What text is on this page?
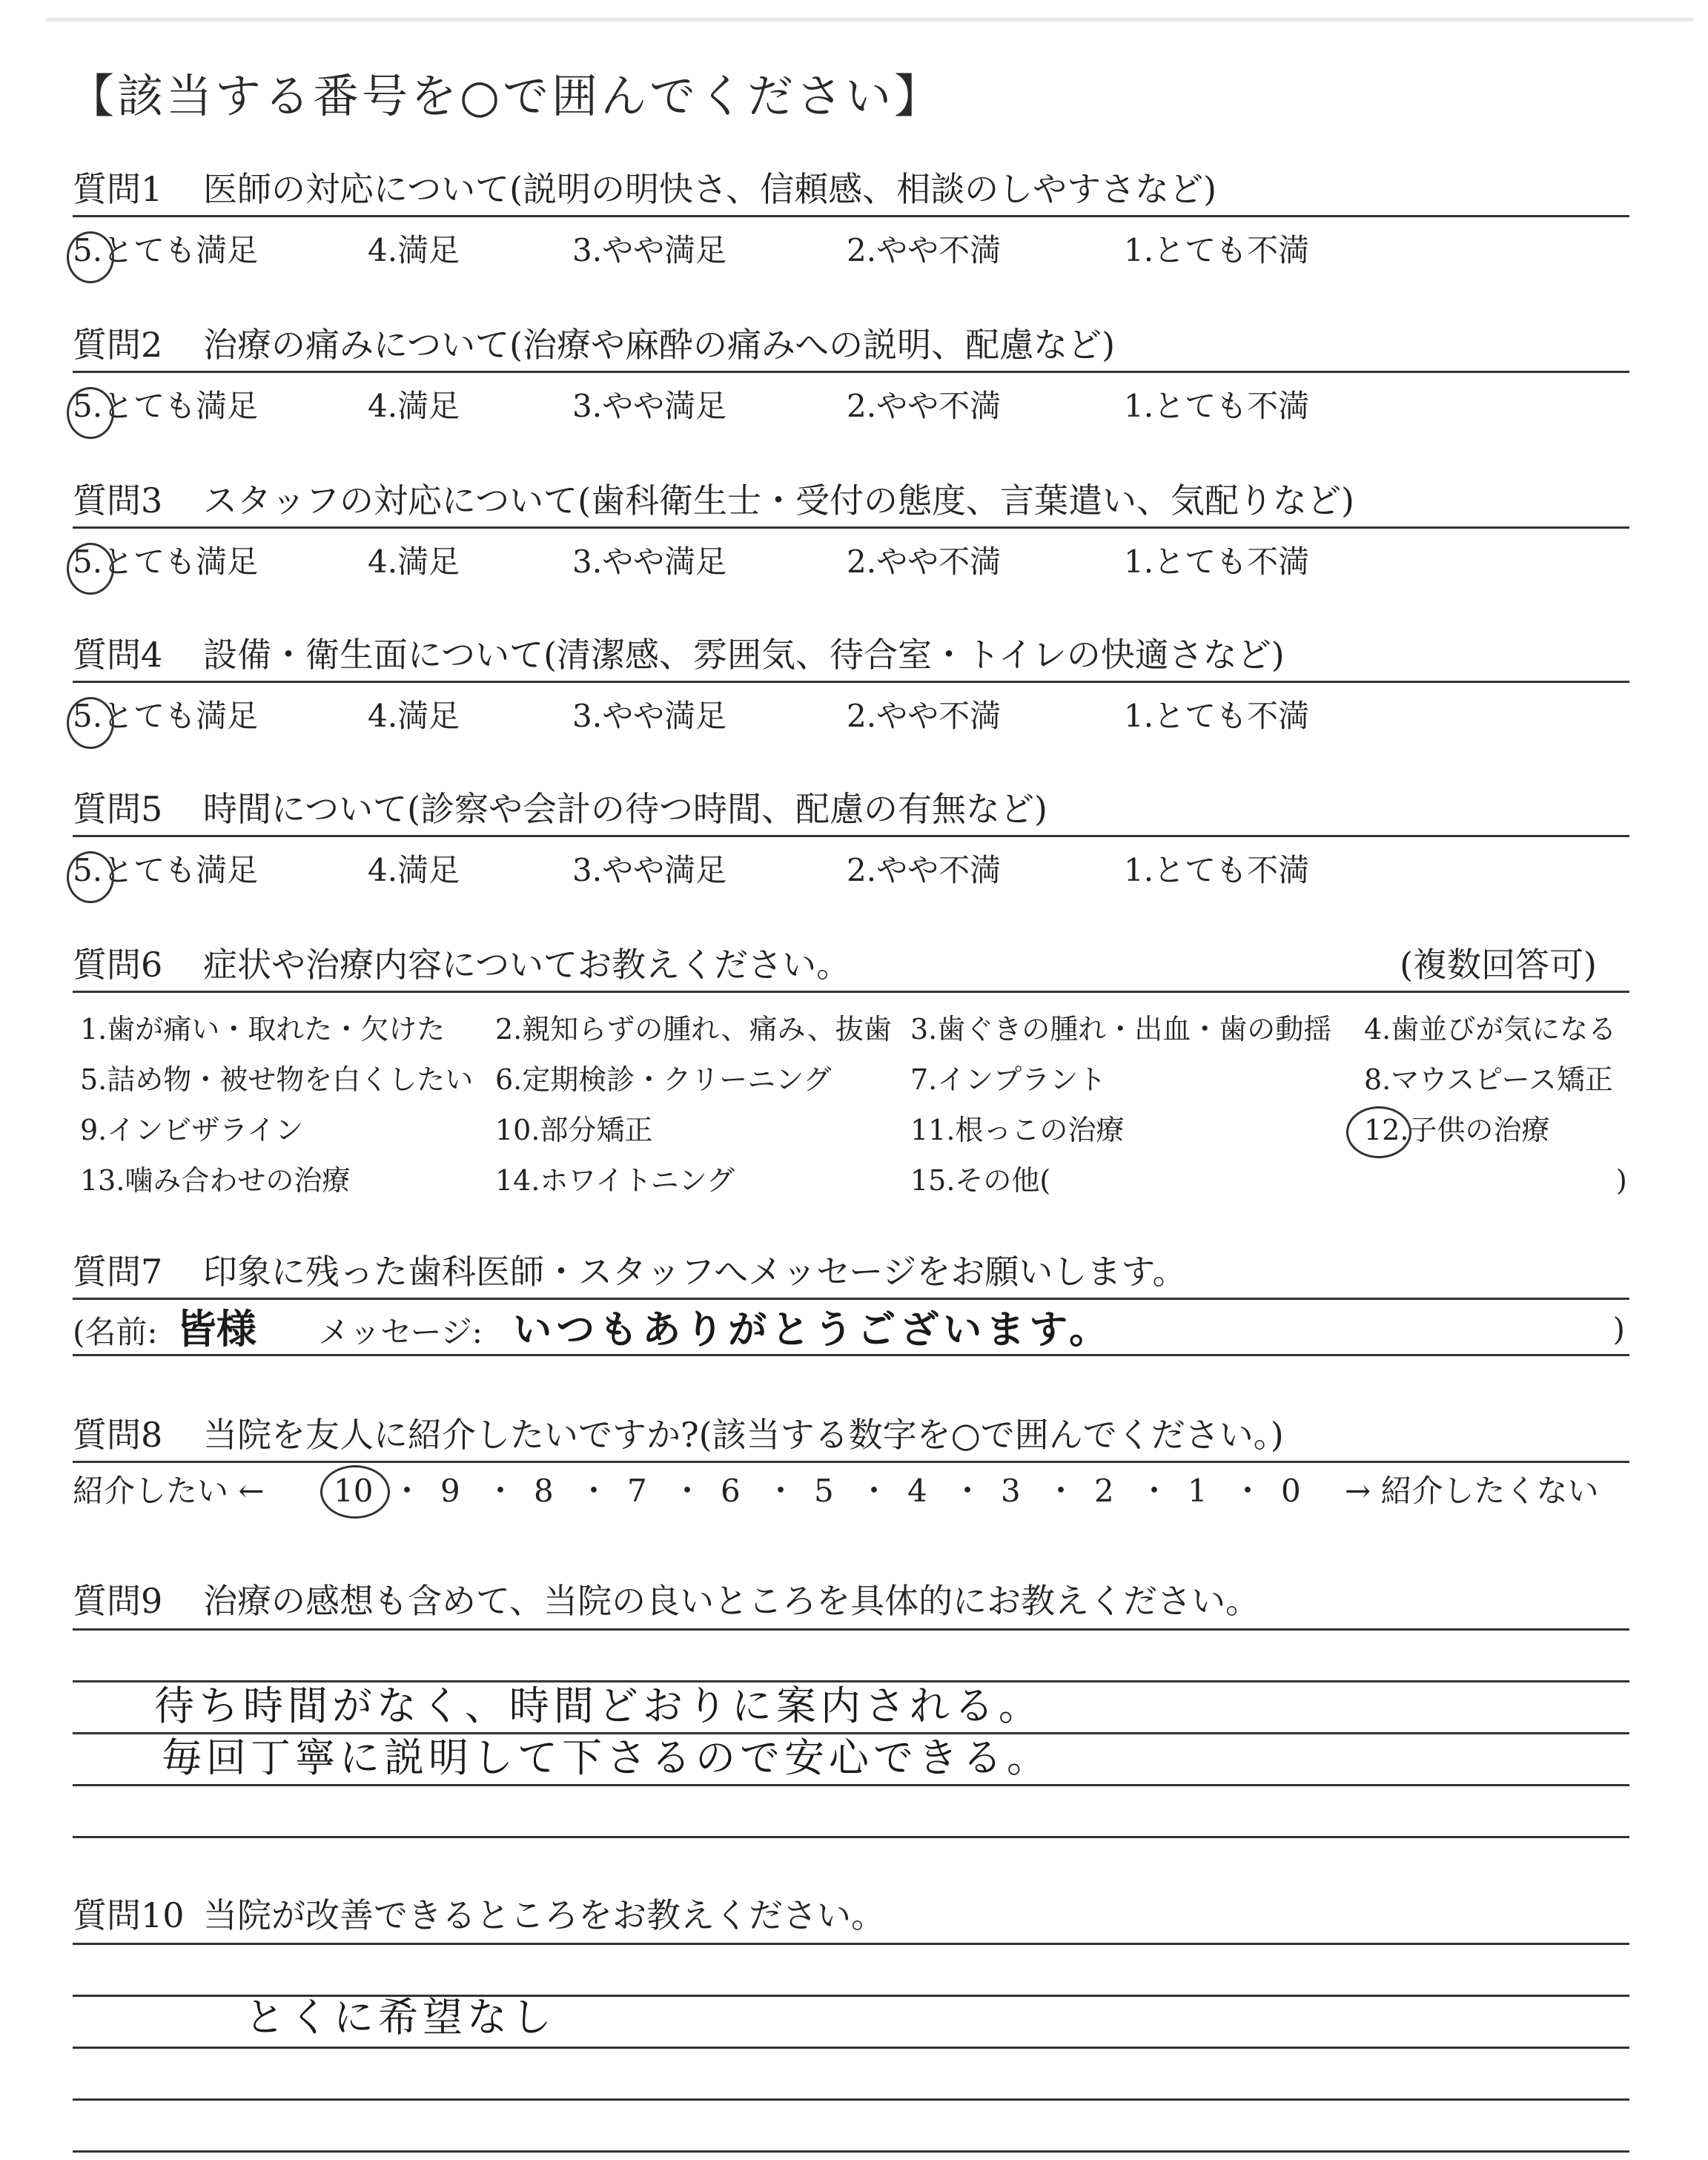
【該当する番号を○で囲んでください】
質問1 医師の対応について(説明の明快さ、信頼感、相談のしやすさなど)
5.とても満足	4.満足	3.やや満足	2.やや不満	1.とても不満
質問2 治療の痛みについて(治療や麻酔の痛みへの説明、配慮など)
5.とても満足	4.満足	3.やや満足	2.やや不満	1.とても不満
質問3 スタッフの対応について(歯科衛生士・受付の態度、言葉遣い、気配りなど)
5.とても満足	4.満足	3.やや満足	2.やや不満	1.とても不満
質問4 設備・衛生面について(清潔感、雰囲気、待合室・トイレの快適さなど)
5.とても満足	4.満足	3.やや満足	2.やや不満	1.とても不満
質問5 時間について(診察や会計の待つ時間、配慮の有無など)
5.とても満足	4.満足	3.やや満足	2.やや不満	1.とても不満
質問6 症状や治療内容についてお教えください。	(複数回答可)
1.歯が痛い・取れた・欠けた 2.親知らずの腫れ、痛み、抜歯 3.歯ぐきの腫れ・出血・歯の動揺 4.歯並びが気になる
5.詰め物・被せ物を白くしたい 6.定期検診・クリーニング	7.インプラント	8.マウスピース矯正
9.インビザライン	10.部分矯正	11.根っこの治療	12.子供の治療
13.噛み合わせの治療	14.ホワイトニング	15.その他(	)
質問7 印象に残った歯科医師・スタッフへメッセージをお願いします。
(名前: 皆様 メッセージ: いつもありがとうございます。	)
質問8 当院を友人に紹介したいですか?(該当する数字を○で囲んでください。)
紹介したい ← 10 ・ 9 ・ 8 ・ 7 ・ 6 ・ 5 ・ 4 ・ 3 ・ 2 ・ 1 ・ 0 → 紹介したくない
質問9 治療の感想も含めて、当院の良いところを具体的にお教えください。
待ち時間がなく、時間どおりに案内される。
毎回丁寧に説明して下さるので安心できる。
質問10 当院が改善できるところをお教えください。
とくに希望なし
